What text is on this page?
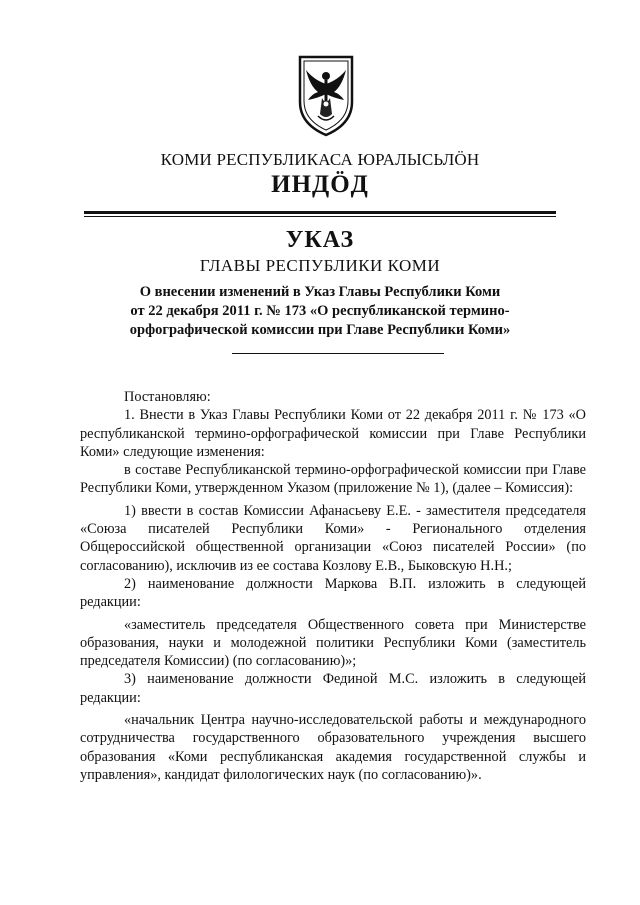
КОМИ РЕСПУБЛИКАСА ЮРАЛЫСЬЛӦН
ИНДӦД
УКАЗ
ГЛАВЫ РЕСПУБЛИКИ КОМИ
О внесении изменений в Указ Главы Республики Коми
от 22 декабря 2011 г. № 173 «О республиканской термино-
орфографической комиссии при Главе Республики Коми»

Постановляю:

1. Внести в Указ Главы Республики Коми от 22 декабря 2011 г. № 173 «О республиканской термино-орфографической комиссии при Главе Республики Коми» следующие изменения:

в составе Республиканской термино-орфографической комиссии при Главе Республики Коми, утвержденном Указом (приложение № 1), (далее – Комиссия):

1) ввести в состав Комиссии Афанасьеву Е.Е. - заместителя председателя «Союза писателей Республики Коми» - Регионального отделения Общероссийской общественной организации «Союз писателей России» (по согласованию), исключив из ее состава Козлову Е.В., Быковскую Н.Н.;

2) наименование должности Маркова В.П. изложить в следующей редакции:

«заместитель председателя Общественного совета при Министерстве образования, науки и молодежной политики Республики Коми (заместитель председателя Комиссии) (по согласованию)»;

3) наименование должности Фединой М.С. изложить в следующей редакции:

«начальник Центра научно-исследовательской работы и международного сотрудничества государственного образовательного учреждения высшего образования «Коми республиканская академия государственной службы и управления», кандидат филологических наук (по согласованию)».
